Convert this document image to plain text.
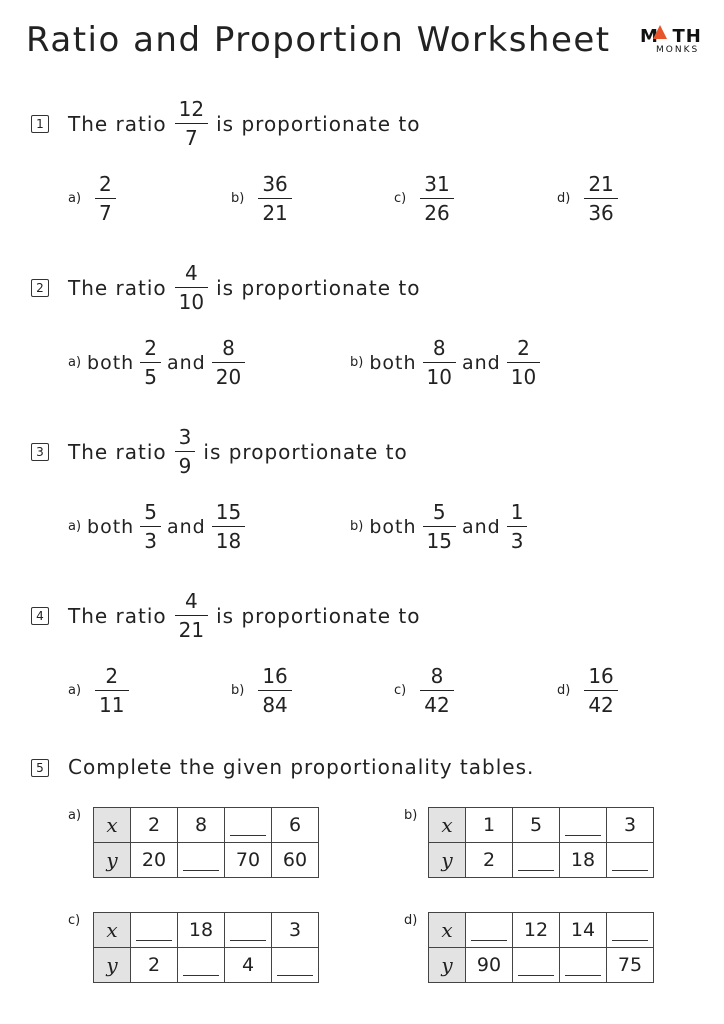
Ratio and Proportion Worksheet M TH
MONKS
1 The ratio $\frac{12}{7}$ is proportionate to
$a) \frac{2}{7}$	$b) \frac{36}{21}$	$c) \frac{31}{26}$	$d) \frac{21}{36}$
2 The ratio $\frac{4}{10}$ is proportionate to
a) both $\frac{2}{5}$ and $\frac{8}{20}$	b) both $\frac{8}{10}$ and $\frac{2}{10}$
3 The ratio $\frac{3}{9}$ is proportionate to
a) both $\frac{5}{3}$ and $\frac{15}{18}$	b) both $\frac{5}{15}$ and $\frac{1}{3}$
4 The ratio $\frac{4}{21}$ is proportionate to
$a) \frac{2}{11}$	$b) \frac{16}{84}$	$c) \frac{8}{42}$	$d) \frac{16}{42}$
5 Complete the given proportionality tables.
a) x	2	8		6
y	20		70	60
b) x	1	5		3
y	2		18	
c) x		18		3
y	2		4	
d) x		12	14	
y	90			75
